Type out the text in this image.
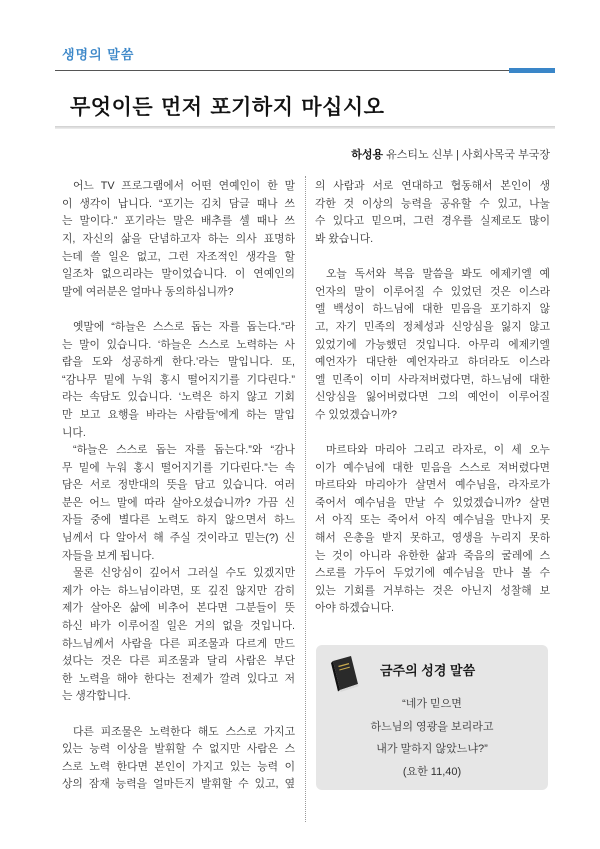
생명의 말씀
무엇이든 먼저 포기하지 마십시오
하성용 유스티노 신부 | 사회사목국 부국장
어느 TV 프로그램에서 어떤 연예인이 한 말
이 생각이 납니다. “포기는 김치 담글 때나 쓰
는 말이다.” 포기라는 말은 배추를 셀 때나 쓰
지, 자신의 삶을 단념하고자 하는 의사 표명하
는데 쓸 일은 없고, 그런 자조적인 생각을 할
일조차 없으리라는 말이었습니다. 이 연예인의
말에 여러분은 얼마나 동의하십니까?
옛말에 “하늘은 스스로 돕는 자를 돕는다.”라
는 말이 있습니다. ‘하늘은 스스로 노력하는 사
람을 도와 성공하게 한다.’라는 말입니다. 또,
“감나무 밑에 누워 홍시 떨어지기를 기다린다.”
라는 속담도 있습니다. ‘노력은 하지 않고 기회
만 보고 요행을 바라는 사람들’에게 하는 말입
니다.
“하늘은 스스로 돕는 자를 돕는다.”와 “감나
무 밑에 누워 홍시 떨어지기를 기다린다.”는 속
담은 서로 정반대의 뜻을 담고 있습니다. 여러
분은 어느 말에 따라 살아오셨습니까? 가끔 신
자들 중에 별다른 노력도 하지 않으면서 하느
님께서 다 알아서 해 주실 것이라고 믿는(?) 신
자들을 보게 됩니다.
물론 신앙심이 깊어서 그러실 수도 있겠지만
제가 아는 하느님이라면, 또 깊진 않지만 감히
제가 살아온 삶에 비추어 본다면 그분들이 뜻
하신 바가 이루어질 일은 거의 없을 것입니다.
하느님께서 사람을 다른 피조물과 다르게 만드
셨다는 것은 다른 피조물과 달리 사람은 부단
한 노력을 해야 한다는 전제가 깔려 있다고 저
는 생각합니다.
다른 피조물은 노력한다 해도 스스로 가지고
있는 능력 이상을 발휘할 수 없지만 사람은 스
스로 노력 한다면 본인이 가지고 있는 능력 이
상의 잠재 능력을 얼마든지 발휘할 수 있고, 옆
의 사람과 서로 연대하고 협동해서 본인이 생
각한 것 이상의 능력을 공유할 수 있고, 나눌
수 있다고 믿으며, 그런 경우를 실제로도 많이
봐 왔습니다.
오늘 독서와 복음 말씀을 봐도 에제키엘 예
언자의 말이 이루어질 수 있었던 것은 이스라
엘 백성이 하느님에 대한 믿음을 포기하지 않
고, 자기 민족의 정체성과 신앙심을 잃지 않고
있었기에 가능했던 것입니다. 아무리 에제키엘
예언자가 대단한 예언자라고 하더라도 이스라
엘 민족이 이미 사라져버렸다면, 하느님에 대한
신앙심을 잃어버렸다면 그의 예언이 이루어질
수 있었겠습니까?
마르타와 마리아 그리고 라자로, 이 세 오누
이가 예수님에 대한 믿음을 스스로 져버렸다면
마르타와 마리아가 살면서 예수님을, 라자로가
죽어서 예수님을 만날 수 있었겠습니까? 살면
서 아직 또는 죽어서 아직 예수님을 만나지 못
해서 은총을 받지 못하고, 영생을 누리지 못하
는 것이 아니라 유한한 삶과 죽음의 굴레에 스
스로를 가두어 두었기에 예수님을 만나 볼 수
있는 기회를 거부하는 것은 아닌지 성찰해 보
아야 하겠습니다.
금주의 성경 말씀
“네가 믿으면
하느님의 영광을 보리라고
내가 말하지 않았느냐?”
(요한 11,40)
